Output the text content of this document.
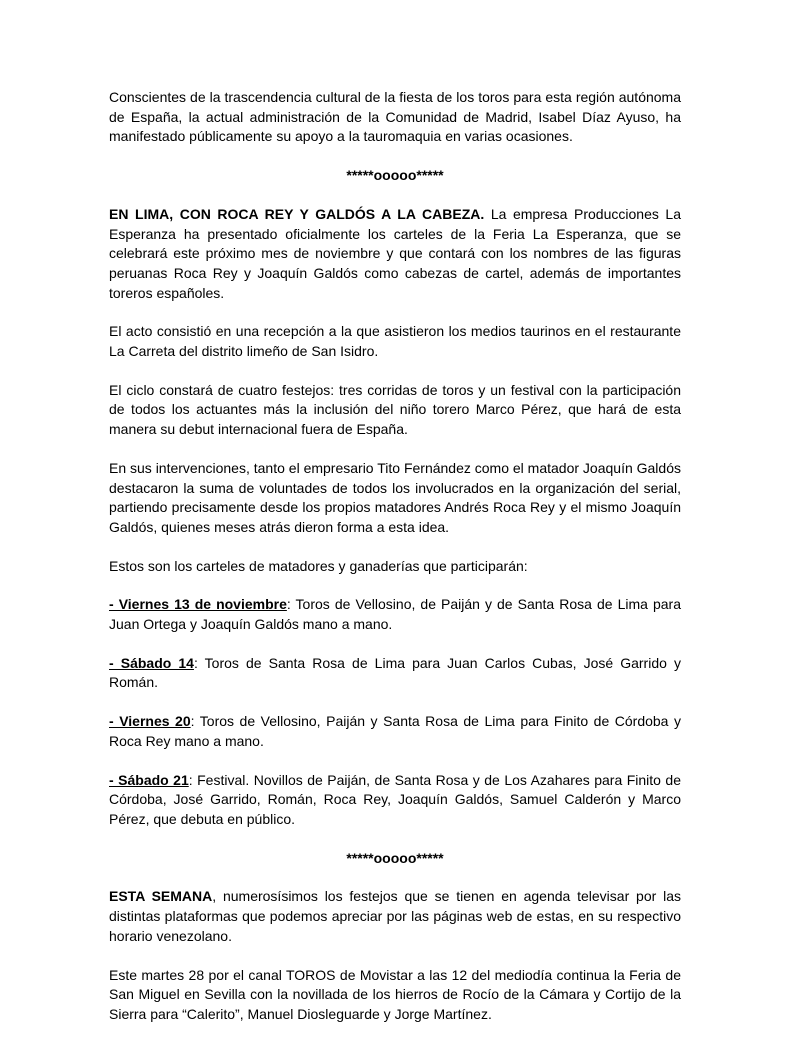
Conscientes de la trascendencia cultural de la fiesta de los toros para esta región autónoma de España, la actual administración de la Comunidad de Madrid, Isabel Díaz Ayuso, ha manifestado públicamente su apoyo a la tauromaquia en varias ocasiones.

*****ooooo*****

EN LIMA, CON ROCA REY Y GALDÓS A LA CABEZA. La empresa Producciones La Esperanza ha presentado oficialmente los carteles de la Feria La Esperanza, que se celebrará este próximo mes de noviembre y que contará con los nombres de las figuras peruanas Roca Rey y Joaquín Galdós como cabezas de cartel, además de importantes toreros españoles.

El acto consistió en una recepción a la que asistieron los medios taurinos en el restaurante La Carreta del distrito limeño de San Isidro.

El ciclo constará de cuatro festejos: tres corridas de toros y un festival con la participación de todos los actuantes más la inclusión del niño torero Marco Pérez, que hará de esta manera su debut internacional fuera de España.

En sus intervenciones, tanto el empresario Tito Fernández como el matador Joaquín Galdós destacaron la suma de voluntades de todos los involucrados en la organización del serial, partiendo precisamente desde los propios matadores Andrés Roca Rey y el mismo Joaquín Galdós, quienes meses atrás dieron forma a esta idea.

Estos son los carteles de matadores y ganaderías que participarán:

- Viernes 13 de noviembre: Toros de Vellosino, de Paiján y de Santa Rosa de Lima para Juan Ortega y Joaquín Galdós mano a mano.

- Sábado 14: Toros de Santa Rosa de Lima para Juan Carlos Cubas, José Garrido y Román.

- Viernes 20: Toros de Vellosino, Paiján y Santa Rosa de Lima para Finito de Córdoba y Roca Rey mano a mano.

- Sábado 21: Festival. Novillos de Paiján, de Santa Rosa y de Los Azahares para Finito de Córdoba, José Garrido, Román, Roca Rey, Joaquín Galdós, Samuel Calderón y Marco Pérez, que debuta en público.

*****ooooo*****

ESTA SEMANA, numerosísimos los festejos que se tienen en agenda televisar por las distintas plataformas que podemos apreciar por las páginas web de estas, en su respectivo horario venezolano.

Este martes 28 por el canal TOROS de Movistar a las 12 del mediodía continua la Feria de San Miguel en Sevilla con la novillada de los hierros de Rocío de la Cámara y Cortijo de la Sierra para “Calerito”, Manuel Diosleguarde y Jorge Martínez.
